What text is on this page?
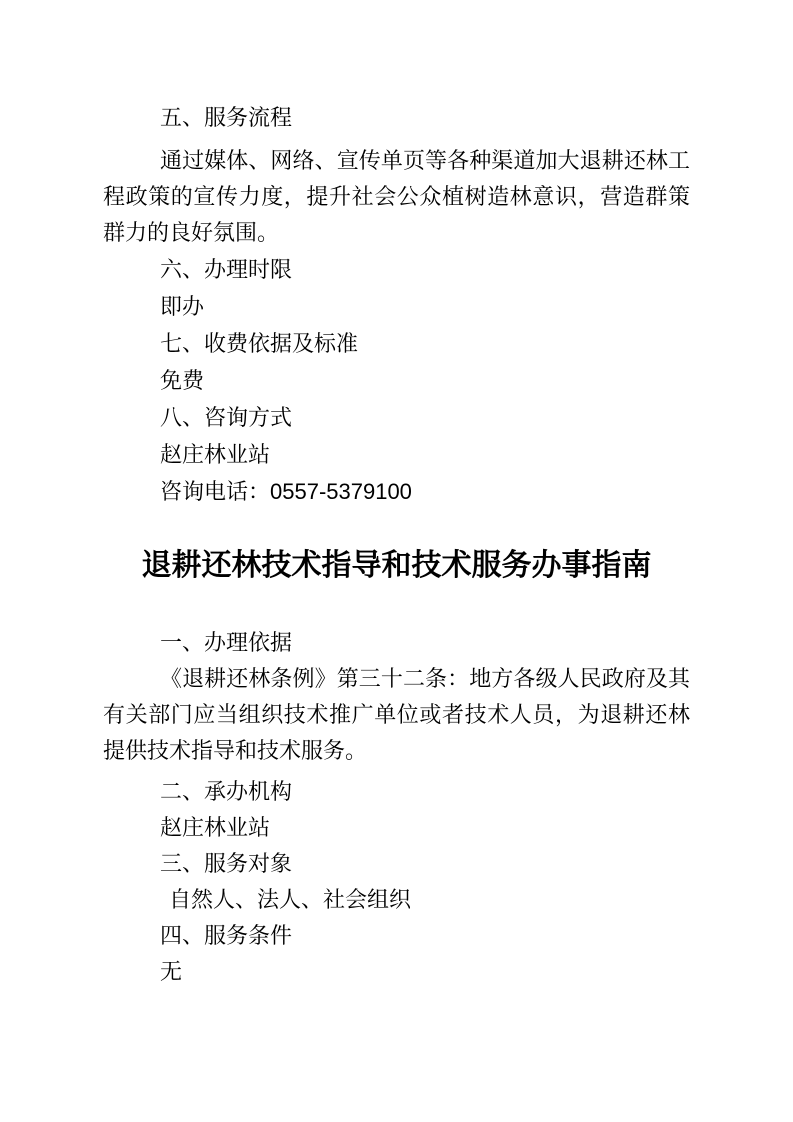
五、服务流程
通过媒体、网络、宣传单页等各种渠道加大退耕还林工
程政策的宣传力度，提升社会公众植树造林意识，营造群策
群力的良好氛围。
六、办理时限
即办
七、收费依据及标准
免费
八、咨询方式
赵庄林业站
咨询电话：0557-5379100
退耕还林技术指导和技术服务办事指南
一、办理依据
《退耕还林条例》第三十二条：地方各级人民政府及其
有关部门应当组织技术推广单位或者技术人员，为退耕还林
提供技术指导和技术服务。
二、承办机构
赵庄林业站
三、服务对象
自然人、法人、社会组织
四、服务条件
无
